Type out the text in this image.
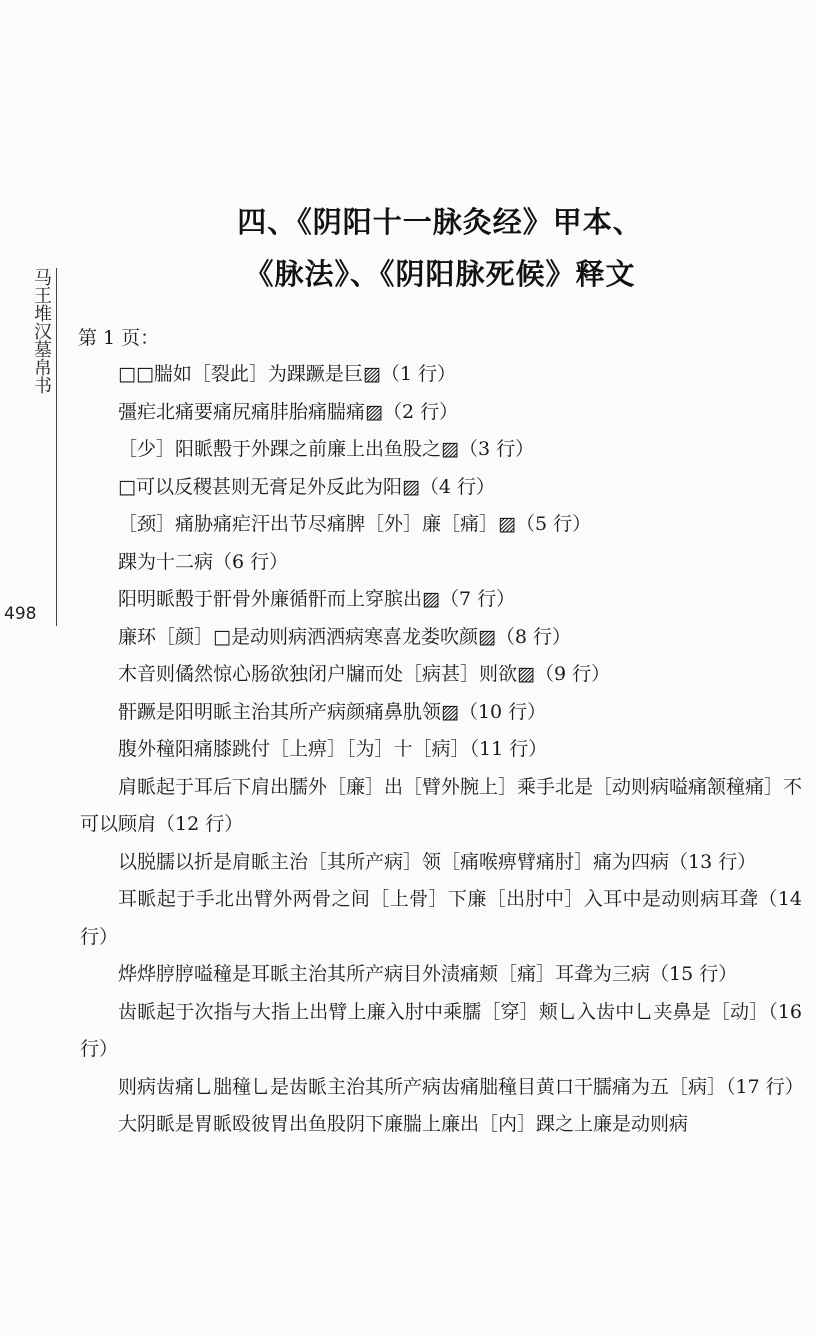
马王堆汉墓帛书
498
四、《阴阳十一脉灸经》甲本、
《脉法》、《阴阳脉死候》释文
第 1 页：
□□腨如［裂此］为踝蹶是巨▨（1 行）
彊疟北痛要痛尻痛肨胎痛腨痛▨（2 行）
［少］阳眽毄于外踝之前廉上出鱼股之▨（3 行）
□可以反稷甚则无膏足外反此为阳▨（4 行）
［颈］痛胁痛疟汗出节尽痛脾［外］廉［痛］▨（5 行）
踝为十二病（6 行）
阳明眽毄于骭骨外廉循骭而上穿膑出▨（7 行）
廉环［颜］□是动则病洒洒病寒喜龙娄吹颜▨（8 行）
木音则僪然惊心肠欲独闭户牖而处［病甚］则欲▨（9 行）
骭蹶是阳明眽主治其所产病颜痛鼻肍领▨（10 行）
腹外穜阳痛膝跳付［上痹］［为］十［病］（11 行）
肩眽起于耳后下肩出臑外［廉］出［臂外腕上］乘手北是［动则病嗌痛颔穜痛］不可以顾肩（12 行）
以脱臑以折是肩眽主治［其所产病］领［痛喉痹臂痛肘］痛为四病（13 行）
耳眽起于手北出臂外两骨之间［上骨］下廉［出肘中］入耳中是动则病耳聋（14 行）
烨烨脝脝嗌穜是耳眽主治其所产病目外渍痛颊［痛］耳聋为三病（15 行）
齿眽起于次指与大指上出臂上廉入肘中乘臑［穿］颊乚入齿中乚夹鼻是［动］（16 行）
则病齿痛乚朏穜乚是齿眽主治其所产病齿痛朏穜目黄口干臑痛为五［病］（17 行）
大阴眽是胃眽殴彼胃出鱼股阴下廉腨上廉出［内］踝之上廉是动则病
